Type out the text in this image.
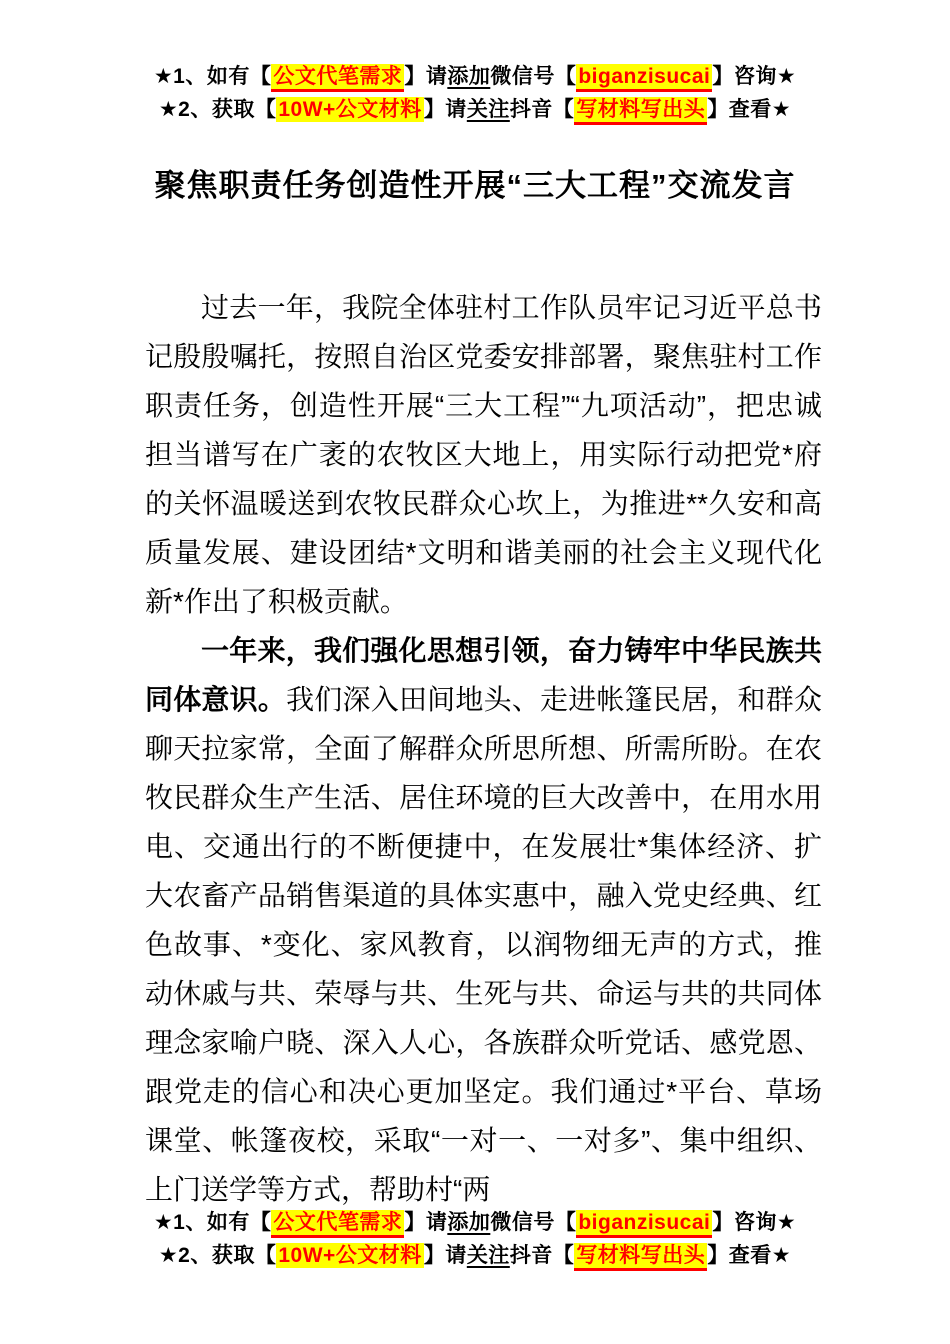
★1、如有【公文代笔需求】请添加微信号【biganzisucai】咨询★
★2、获取【10W+公文材料】请关注抖音【写材料写出头】查看★
聚焦职责任务创造性开展“三大工程”交流发言

过去一年，我院全体驻村工作队员牢记习近平总书记殷殷嘱托，按照自治区党委安排部署，聚焦驻村工作职责任务，创造性开展“三大工程”“九项活动”，把忠诚担当谱写在广袤的农牧区大地上，用实际行动把党*府的关怀温暖送到农牧民群众心坎上，为推进**久安和高质量发展、建设团结*文明和谐美丽的社会主义现代化新*作出了积极贡献。

一年来，我们强化思想引领，奋力铸牢中华民族共同体意识。我们深入田间地头、走进帐篷民居，和群众聊天拉家常，全面了解群众所思所想、所需所盼。在农牧民群众生产生活、居住环境的巨大改善中，在用水用电、交通出行的不断便捷中，在发展壮*集体经济、扩大农畜产品销售渠道的具体实惠中，融入党史经典、红色故事、*变化、家风教育，以润物细无声的方式，推动休戚与共、荣辱与共、生死与共、命运与共的共同体理念家喻户晓、深入人心，各族群众听党话、感党恩、跟党走的信心和决心更加坚定。我们通过*平台、草场课堂、帐篷夜校，采取“一对一、一对多”、集中组织、上门送学等方式，帮助村“两

★1、如有【公文代笔需求】请添加微信号【biganzisucai】咨询★
★2、获取【10W+公文材料】请关注抖音【写材料写出头】查看★
